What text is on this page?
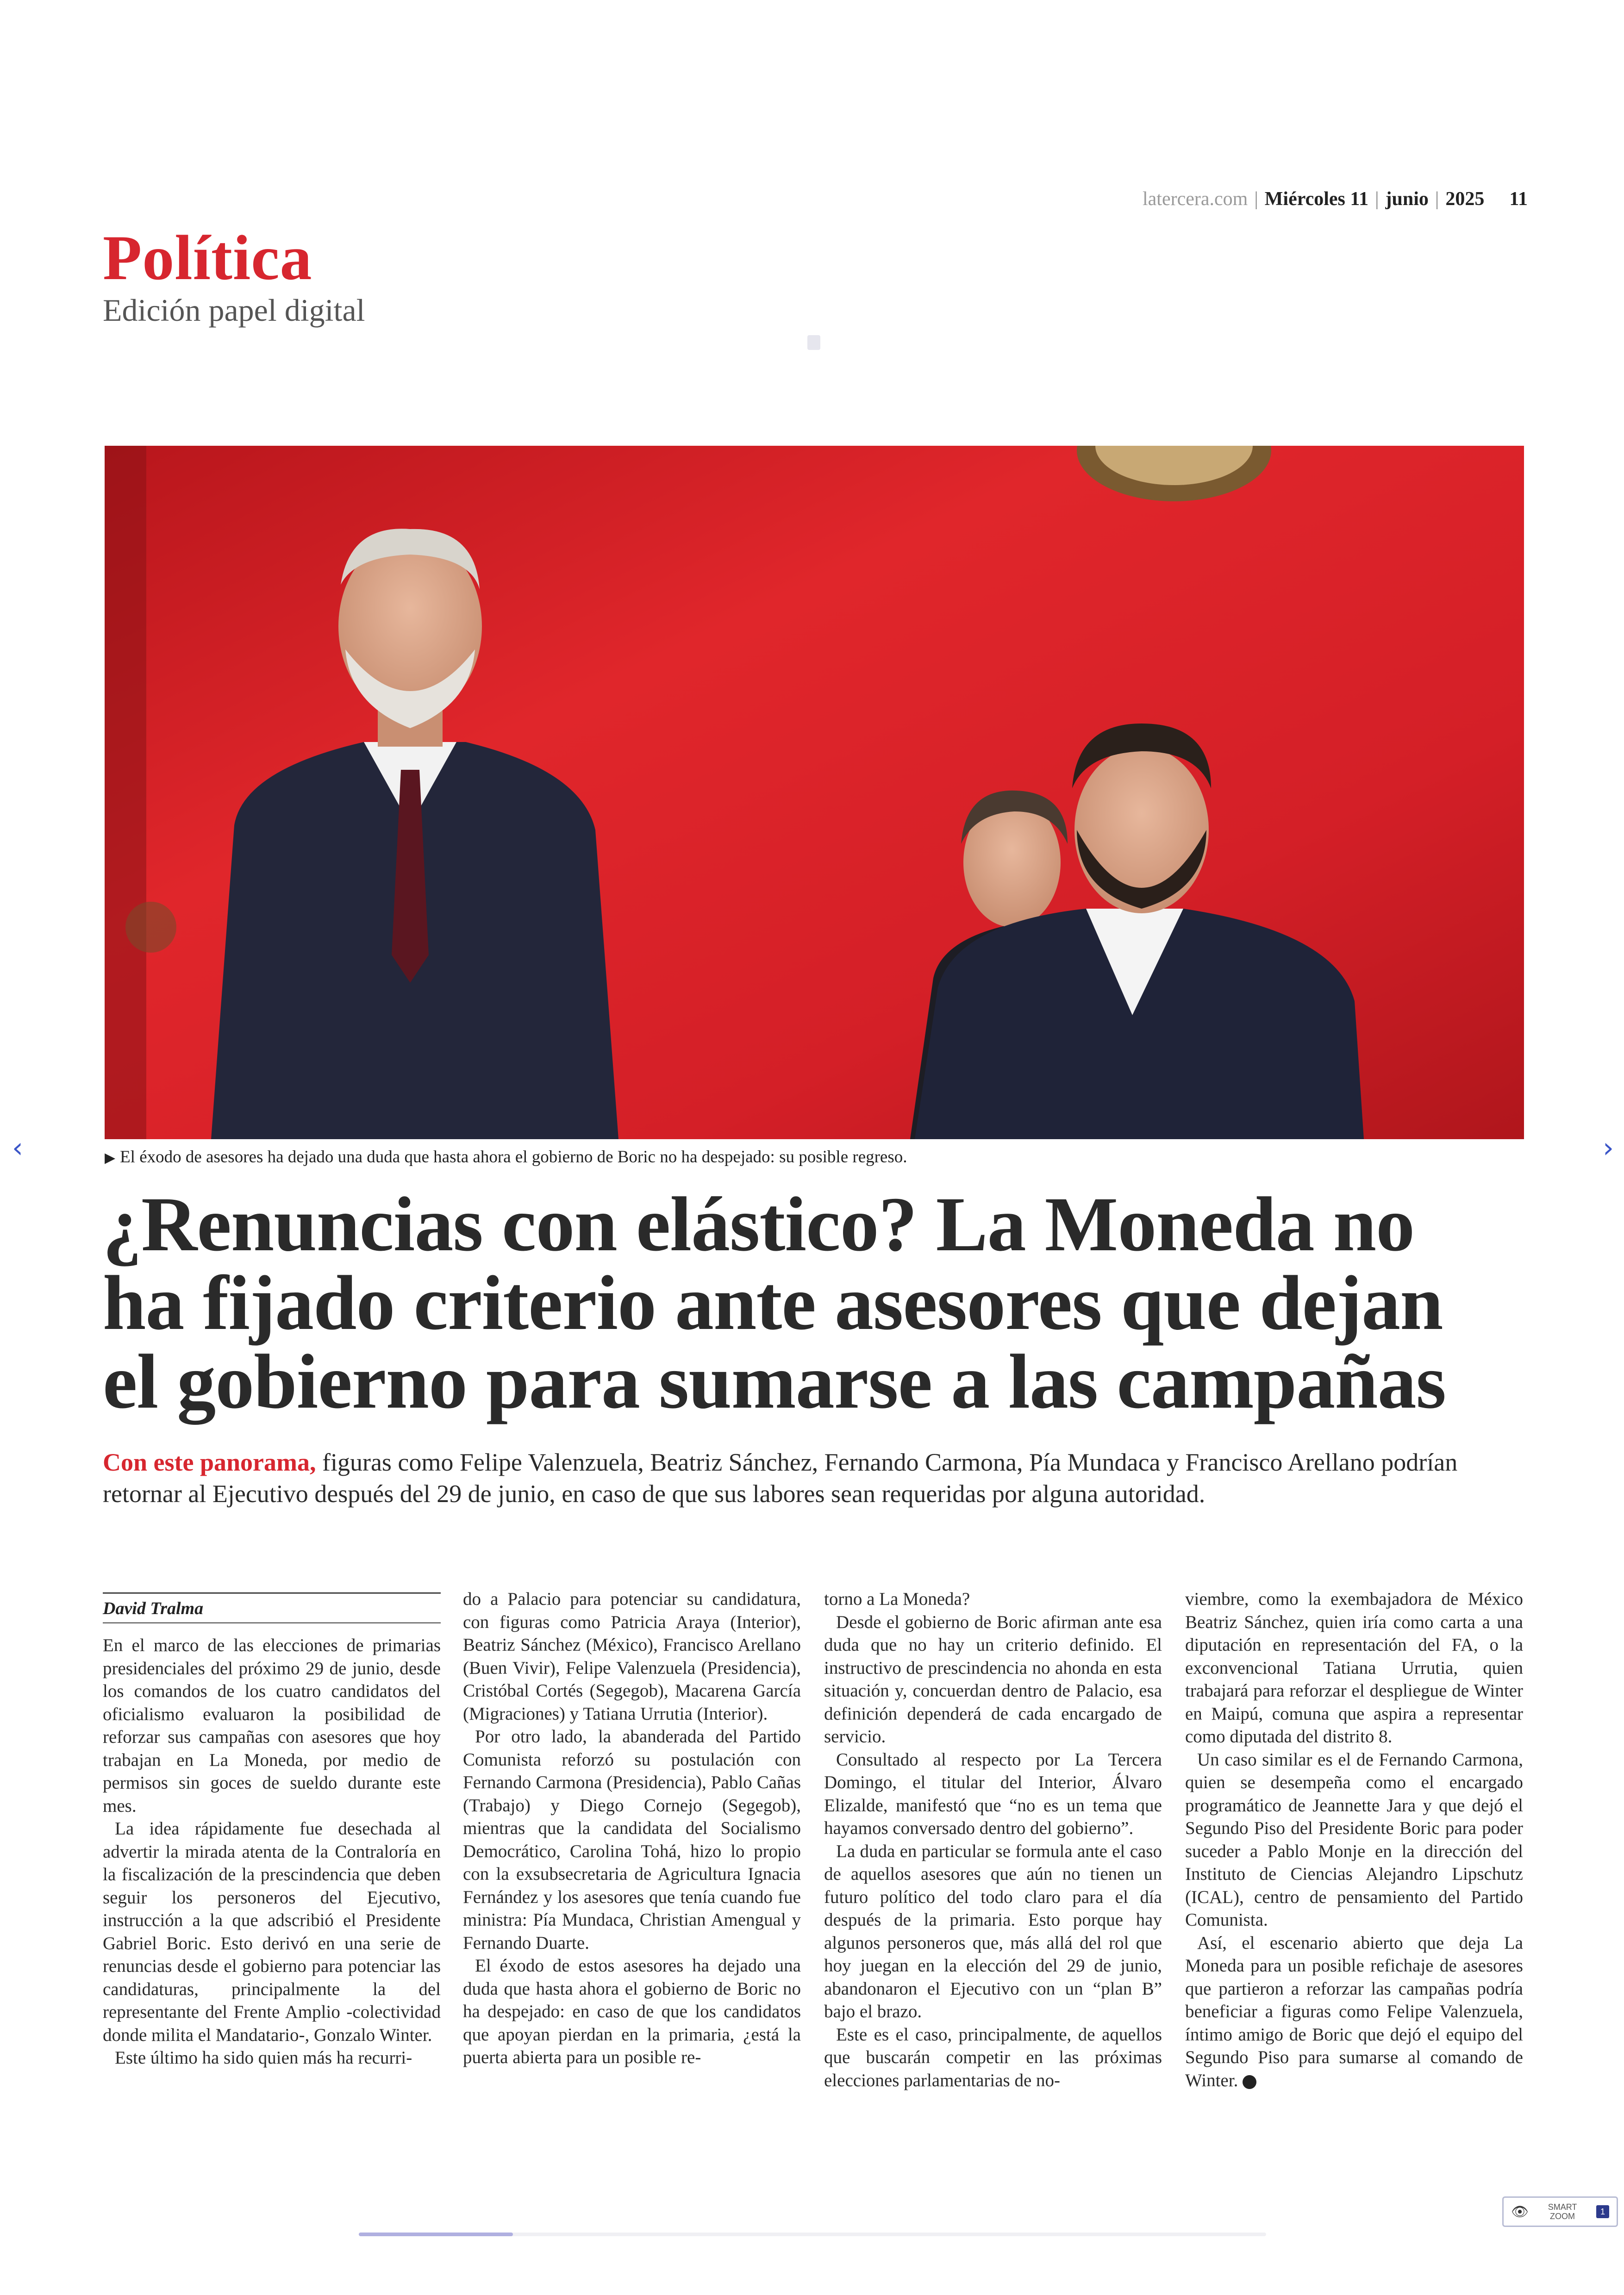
latercera.com | Miércoles 11 | junio | 2025 11
Política
Edición papel digital
▶ El éxodo de asesores ha dejado una duda que hasta ahora el gobierno de Boric no ha despejado: su posible regreso.
‹	›
¿Renuncias con elástico? La Moneda no
ha fijado criterio ante asesores que dejan
el gobierno para sumarse a las campañas
Con este panorama, figuras como Felipe Valenzuela, Beatriz Sánchez, Fernando Carmona, Pía Mundaca y Francisco Arellano podrían retornar al Ejecutivo después del 29 de junio, en caso de que sus labores sean requeridas por alguna autoridad.
David Tralma

En el marco de las elecciones de primarias presidenciales del próximo 29 de junio, desde los comandos de los cuatro candidatos del oficialismo evaluaron la posibilidad de reforzar sus campañas con asesores que hoy trabajan en La Moneda, por medio de permisos sin goces de sueldo durante este mes.

La idea rápidamente fue desechada al advertir la mirada atenta de la Contraloría en la fiscalización de la prescindencia que deben seguir los personeros del Ejecutivo, instrucción a la que adscribió el Presidente Gabriel Boric. Esto derivó en una serie de renuncias desde el gobierno para potenciar las candidaturas, principalmente la del representante del Frente Amplio -colectividad donde milita el Mandatario-, Gonzalo Winter.

Este último ha sido quien más ha recurri-

do a Palacio para potenciar su candidatura, con figuras como Patricia Araya (Interior), Beatriz Sánchez (México), Francisco Arellano (Buen Vivir), Felipe Valenzuela (Presidencia), Cristóbal Cortés (Segegob), Macarena García (Migraciones) y Tatiana Urrutia (Interior).

Por otro lado, la abanderada del Partido Comunista reforzó su postulación con Fernando Carmona (Presidencia), Pablo Cañas (Trabajo) y Diego Cornejo (Segegob), mientras que la candidata del Socialismo Democrático, Carolina Tohá, hizo lo propio con la exsubsecretaria de Agricultura Ignacia Fernández y los asesores que tenía cuando fue ministra: Pía Mundaca, Christian Amengual y Fernando Duarte.

El éxodo de estos asesores ha dejado una duda que hasta ahora el gobierno de Boric no ha despejado: en caso de que los candidatos que apoyan pierdan en la primaria, ¿está la puerta abierta para un posible re-

torno a La Moneda?

Desde el gobierno de Boric afirman ante esa duda que no hay un criterio definido. El instructivo de prescindencia no ahonda en esta situación y, concuerdan dentro de Palacio, esa definición dependerá de cada encargado de servicio.

Consultado al respecto por La Tercera Domingo, el titular del Interior, Álvaro Elizalde, manifestó que “no es un tema que hayamos conversado dentro del gobierno”.

La duda en particular se formula ante el caso de aquellos asesores que aún no tienen un futuro político del todo claro para el día después de la primaria. Esto porque hay algunos personeros que, más allá del rol que hoy juegan en la elección del 29 de junio, abandonaron el Ejecutivo con un “plan B” bajo el brazo.

Este es el caso, principalmente, de aquellos que buscarán competir en las próximas elecciones parlamentarias de no-

viembre, como la exembajadora de México Beatriz Sánchez, quien iría como carta a una diputación en representación del FA, o la exconvencional Tatiana Urrutia, quien trabajará para reforzar el despliegue de Winter en Maipú, comuna que aspira a representar como diputada del distrito 8.

Un caso similar es el de Fernando Carmona, quien se desempeña como el encargado programático de Jeannette Jara y que dejó el Segundo Piso del Presidente Boric para poder suceder a Pablo Monje en la dirección del Instituto de Ciencias Alejandro Lipschutz (ICAL), centro de pensamiento del Partido Comunista.

Así, el escenario abierto que deja La Moneda para un posible refichaje de asesores que partieron a reforzar las campañas podría beneficiar a figuras como Felipe Valenzuela, íntimo amigo de Boric que dejó el equipo del Segundo Piso para sumarse al comando de Winter.

👁 SMART
ZOOM	1
